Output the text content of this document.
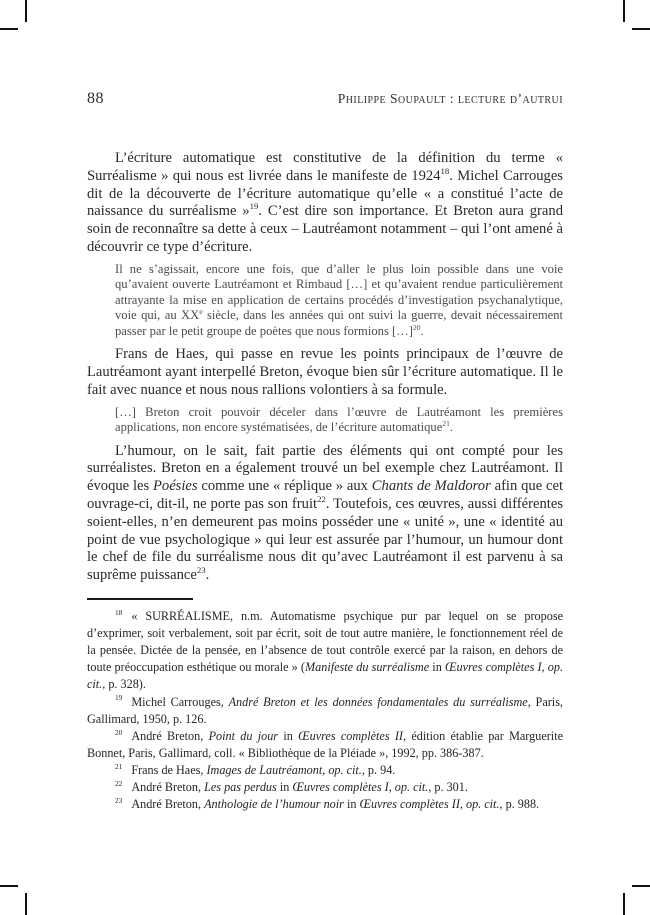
88	Philippe Soupault : lecture d’autrui

L’écriture automatique est constitutive de la définition du terme « Surréalisme » qui nous est livrée dans le manifeste de 1924$^{18}$. Michel Carrouges dit de la découverte de l’écriture automatique qu’elle « a constitué l’acte de naissance du surréalisme »$^{19}$. C’est dire son importance. Et Breton aura grand soin de reconnaître sa dette à ceux – Lautréamont notamment – qui l’ont amené à découvrir ce type d’écriture.

Il ne s’agissait, encore une fois, que d’aller le plus loin possible dans une voie qu’avaient ouverte Lautréamont et Rimbaud […] et qu’avaient rendue particulièrement attrayante la mise en application de certains procédés d’investigation psychanalytique, voie qui, au XXe siècle, dans les années qui ont suivi la guerre, devait nécessairement passer par le petit groupe de poètes que nous formions […]$^{20}$.

Frans de Haes, qui passe en revue les points principaux de l’œuvre de Lautréamont ayant interpellé Breton, évoque bien sûr l’écriture automatique. Il le fait avec nuance et nous nous rallions volontiers à sa formule.

[…] Breton croit pouvoir déceler dans l’œuvre de Lautréamont les premières applications, non encore systématisées, de l’écriture automatique$^{21}$.

L’humour, on le sait, fait partie des éléments qui ont compté pour les surréalistes. Breton en a également trouvé un bel exemple chez Lautréamont. Il évoque les Poésies comme une « réplique » aux Chants de Maldoror afin que cet ouvrage-ci, dit-il, ne porte pas son fruit$^{22}$. Toutefois, ces œuvres, aussi différentes soient-elles, n’en demeurent pas moins posséder une « unité », une « identité au point de vue psychologique » qui leur est assurée par l’humour, un humour dont le chef de file du surréalisme nous dit qu’avec Lautréamont il est parvenu à sa suprême puissance$^{23}$.

$^{18}$ « SURRÉALISME, n.m. Automatisme psychique pur par lequel on se propose d’exprimer, soit verbalement, soit par écrit, soit de tout autre manière, le fonctionnement réel de la pensée. Dictée de la pensée, en l’absence de tout contrôle exercé par la raison, en dehors de toute préoccupation esthétique ou morale » (Manifeste du surréalisme in Œuvres complètes I, op. cit., p. 328).

$^{19}$ Michel Carrouges, André Breton et les données fondamentales du surréalisme, Paris, Gallimard, 1950, p. 126.

$^{20}$ André Breton, Point du jour in Œuvres complètes II, édition établie par Marguerite Bonnet, Paris, Gallimard, coll. « Bibliothèque de la Pléiade », 1992, pp. 386-387.

$^{21}$ Frans de Haes, Images de Lautréamont, op. cit., p. 94.

$^{22}$ André Breton, Les pas perdus in Œuvres complètes I, op. cit., p. 301.

$^{23}$ André Breton, Anthologie de l’humour noir in Œuvres complètes II, op. cit., p. 988.
